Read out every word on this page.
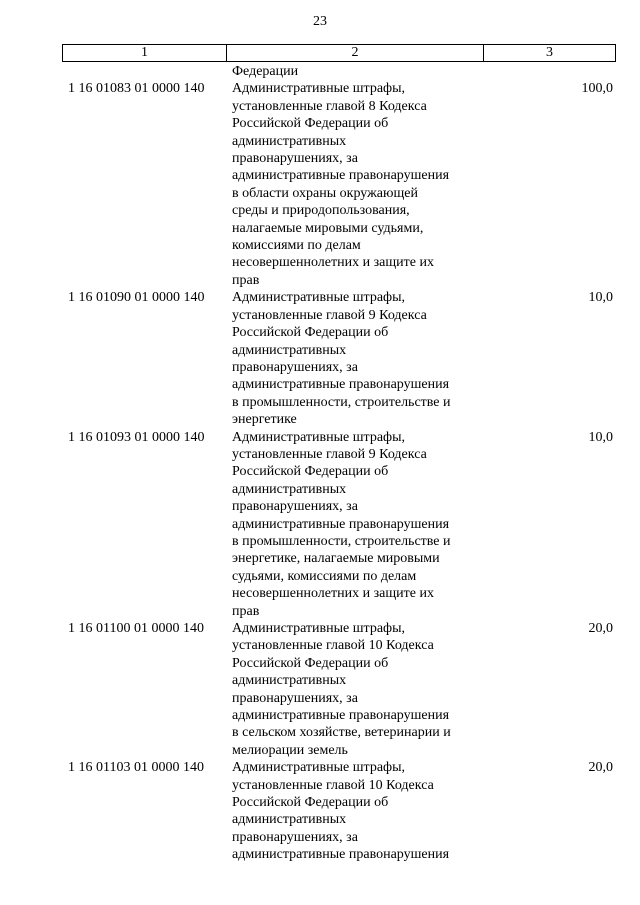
23
1	2	3
Федерации
1 16 01083 01 0000 140	Административные штрафы,
установленные главой 8 Кодекса
Российской Федерации об
административных
правонарушениях, за
административные правонарушения
в области охраны окружающей
среды и природопользования,
налагаемые мировыми судьями,
комиссиями по делам
несовершеннолетних и защите их
прав
100,0
1 16 01090 01 0000 140	Административные штрафы,
установленные главой 9 Кодекса
Российской Федерации об
административных
правонарушениях, за
административные правонарушения
в промышленности, строительстве и
энергетике
10,0
1 16 01093 01 0000 140	Административные штрафы,
установленные главой 9 Кодекса
Российской Федерации об
административных
правонарушениях, за
административные правонарушения
в промышленности, строительстве и
энергетике, налагаемые мировыми
судьями, комиссиями по делам
несовершеннолетних и защите их
прав
10,0
1 16 01100 01 0000 140	Административные штрафы,
установленные главой 10 Кодекса
Российской Федерации об
административных
правонарушениях, за
административные правонарушения
в сельском хозяйстве, ветеринарии и
мелиорации земель
20,0
1 16 01103 01 0000 140	Административные штрафы,
установленные главой 10 Кодекса
Российской Федерации об
административных
правонарушениях, за
административные правонарушения
20,0
